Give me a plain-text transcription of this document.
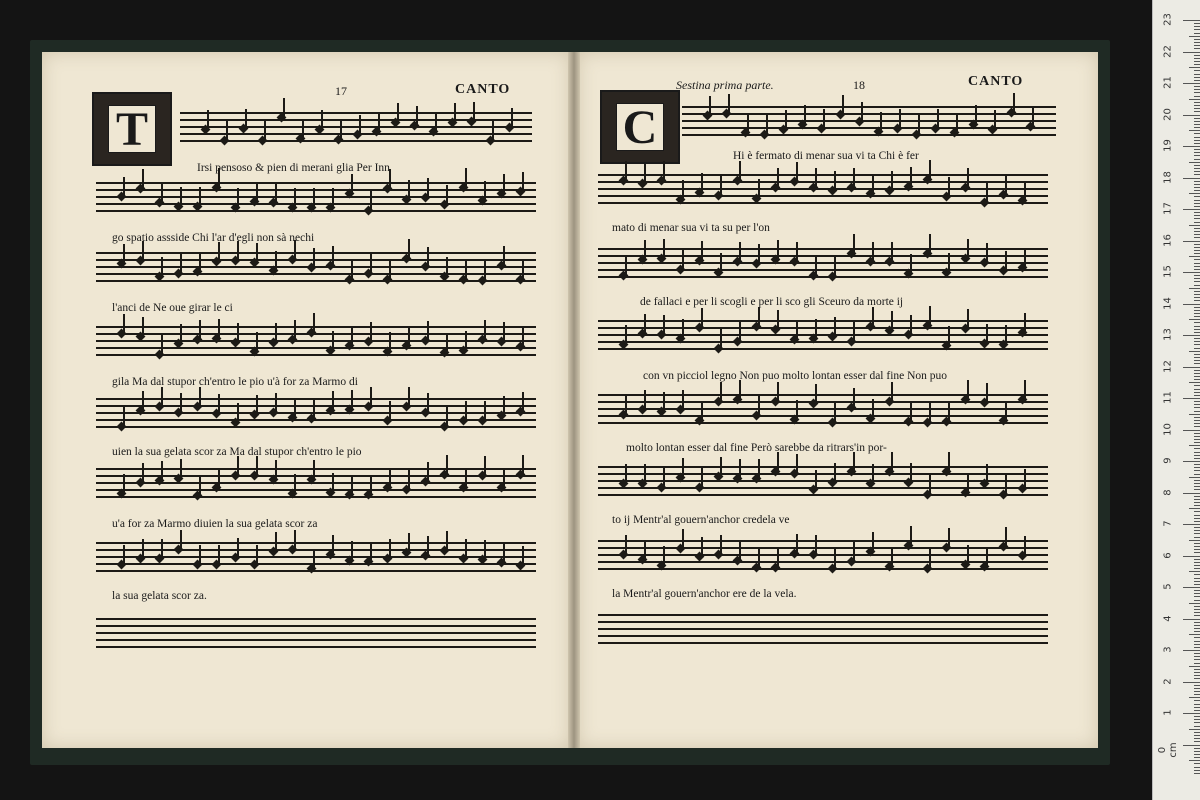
T
17	CANTO
C
Sestina prima parte.	18	CANTO
Irsi pensoso & pien di merani glia Per Inn
go spatio assside Chi l'ar d'egli non sà nechi
l'anci de Ne oue girar le ci
gila Ma dal stupor ch'entro le pio u'à for za Marmo di
uien la sua gelata scor za Ma dal stupor ch'entro le pio
u'a for za Marmo diuien la sua gelata scor za
la sua gelata scor za.
Hi è fermato di menar sua vi ta Chi è fer
mato di menar sua vi ta su per l'on
de fallaci e per li scogli e per li sco gli Sceuro da morte ij
con vn picciol legno Non puo molto lontan esser dal fine Non puo
molto lontan esser dal fine Però sarebbe da ritrars'in por-
to ij Mentr'al gouern'anchor credela ve
la Mentr'al gouern'anchor ere de la vela.
23
22
21
20
19
18
17
16
15
14
13
12
11
10
9
8
7
6
5
4
3
2
1
0 cm
